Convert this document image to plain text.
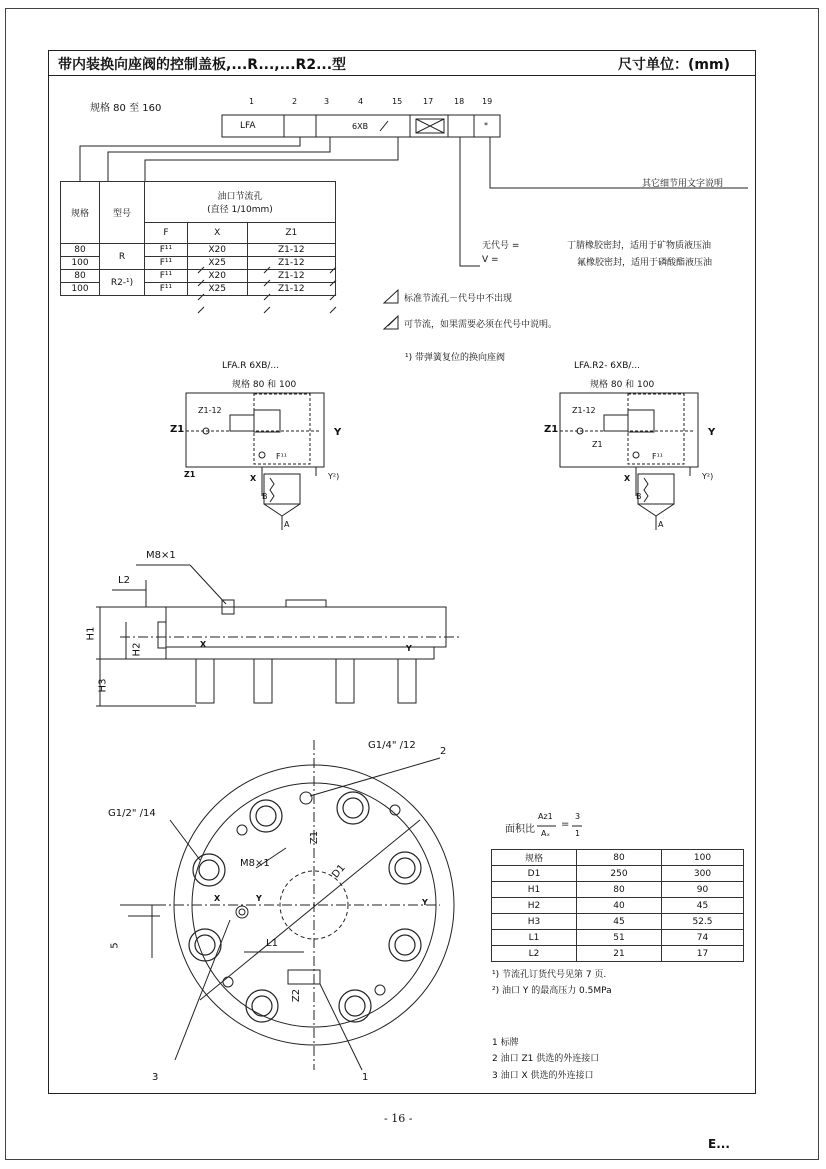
带内装换向座阀的控制盖板,...R...,...R2...型	尺寸单位：(mm)
规格 80 至 160
1	2	3	4	15	17	18 19
LFA	6XB	*
其它细节用文字说明
无代号 =	丁腈橡胶密封，适用于矿物质液压油
V =	氟橡胶密封，适用于磷酸酯液压油
规格	型号	油口节流孔
(直径 1/10mm)		

		F	X	Z1
80	R	F¹¹	X20	Z1-12
100		F¹¹	X25	Z1-12
80	R2-¹)	F¹¹	X20	Z1-12
100		F¹¹	X25	Z1-12
标准节流孔－代号中不出现
可节流，如果需要必须在代号中说明。
¹) 带弹簧复位的换向座阀
LFA.R 6XB/...
规格 80 和 100
Z1	Y
Z1-12
Z1	X
F¹¹
Y²)
B
A
LFA.R2- 6XB/...
规格 80 和 100
Z1	Y
Z1-12
Z1
X
F¹¹
Y²)
B
A
M8×1
L2
H1
H2
H3
X	Y
G1/4" /12
2
G1/2" /14
M8×1
Z1
D1
X	Y	Y
5	L1
Z2
3	1
面积比
Az1
Aₓ
=
3
1
规格	80	100
D1	250	300
H1	80	90
H2	40	45
H3	45	52.5
L1	51	74
L2	21	17
¹) 节流孔订货代号见第 7 页.
²) 油口 Y 的最高压力 0.5MPa
1 标牌
2 油口 Z1 供选的外连接口
3 油口 X 供选的外连接口
- 16 -
E...
